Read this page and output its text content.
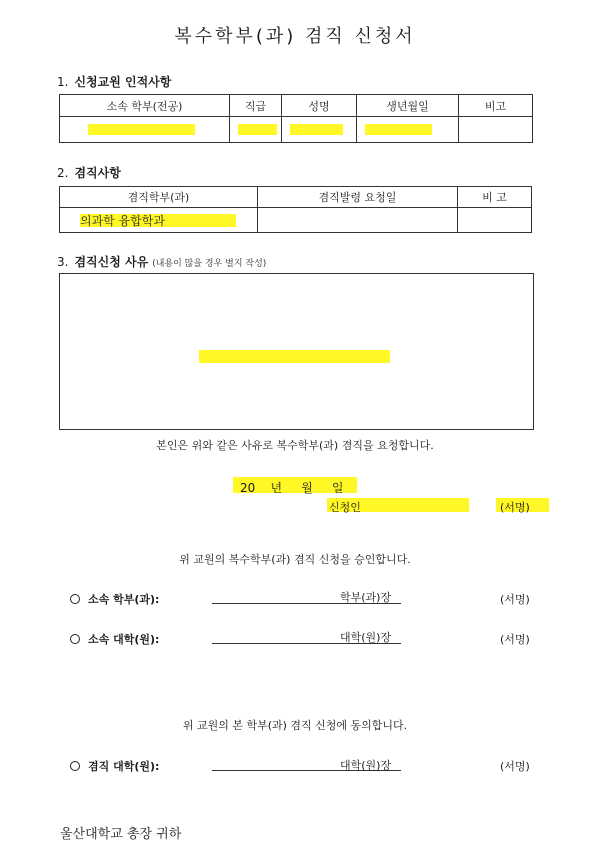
복수학부(과) 겸직 신청서
1. 신청교원 인적사항
소속 학부(전공)	직급	성명	생년월일	비고

2. 겸직사항
겸직학부(과)	겸직발령 요청일	비 고

의과학 융합학과		
3. 겸직신청 사유 (내용이 많을 경우 별지 작성)
본인은 위와 같은 사유로 복수학부(과) 겸직을 요청합니다.
20    년     월     일
신청인	(서명)
위 교원의 복수학부(과) 겸직 신청을 승인합니다.
소속 학부(과):	학부(과)장	(서명)
소속 대학(원):	대학(원)장	(서명)
위 교원의 본 학부(과) 겸직 신청에 동의합니다.
겸직 대학(원):	대학(원)장	(서명)
울산대학교 총장 귀하
